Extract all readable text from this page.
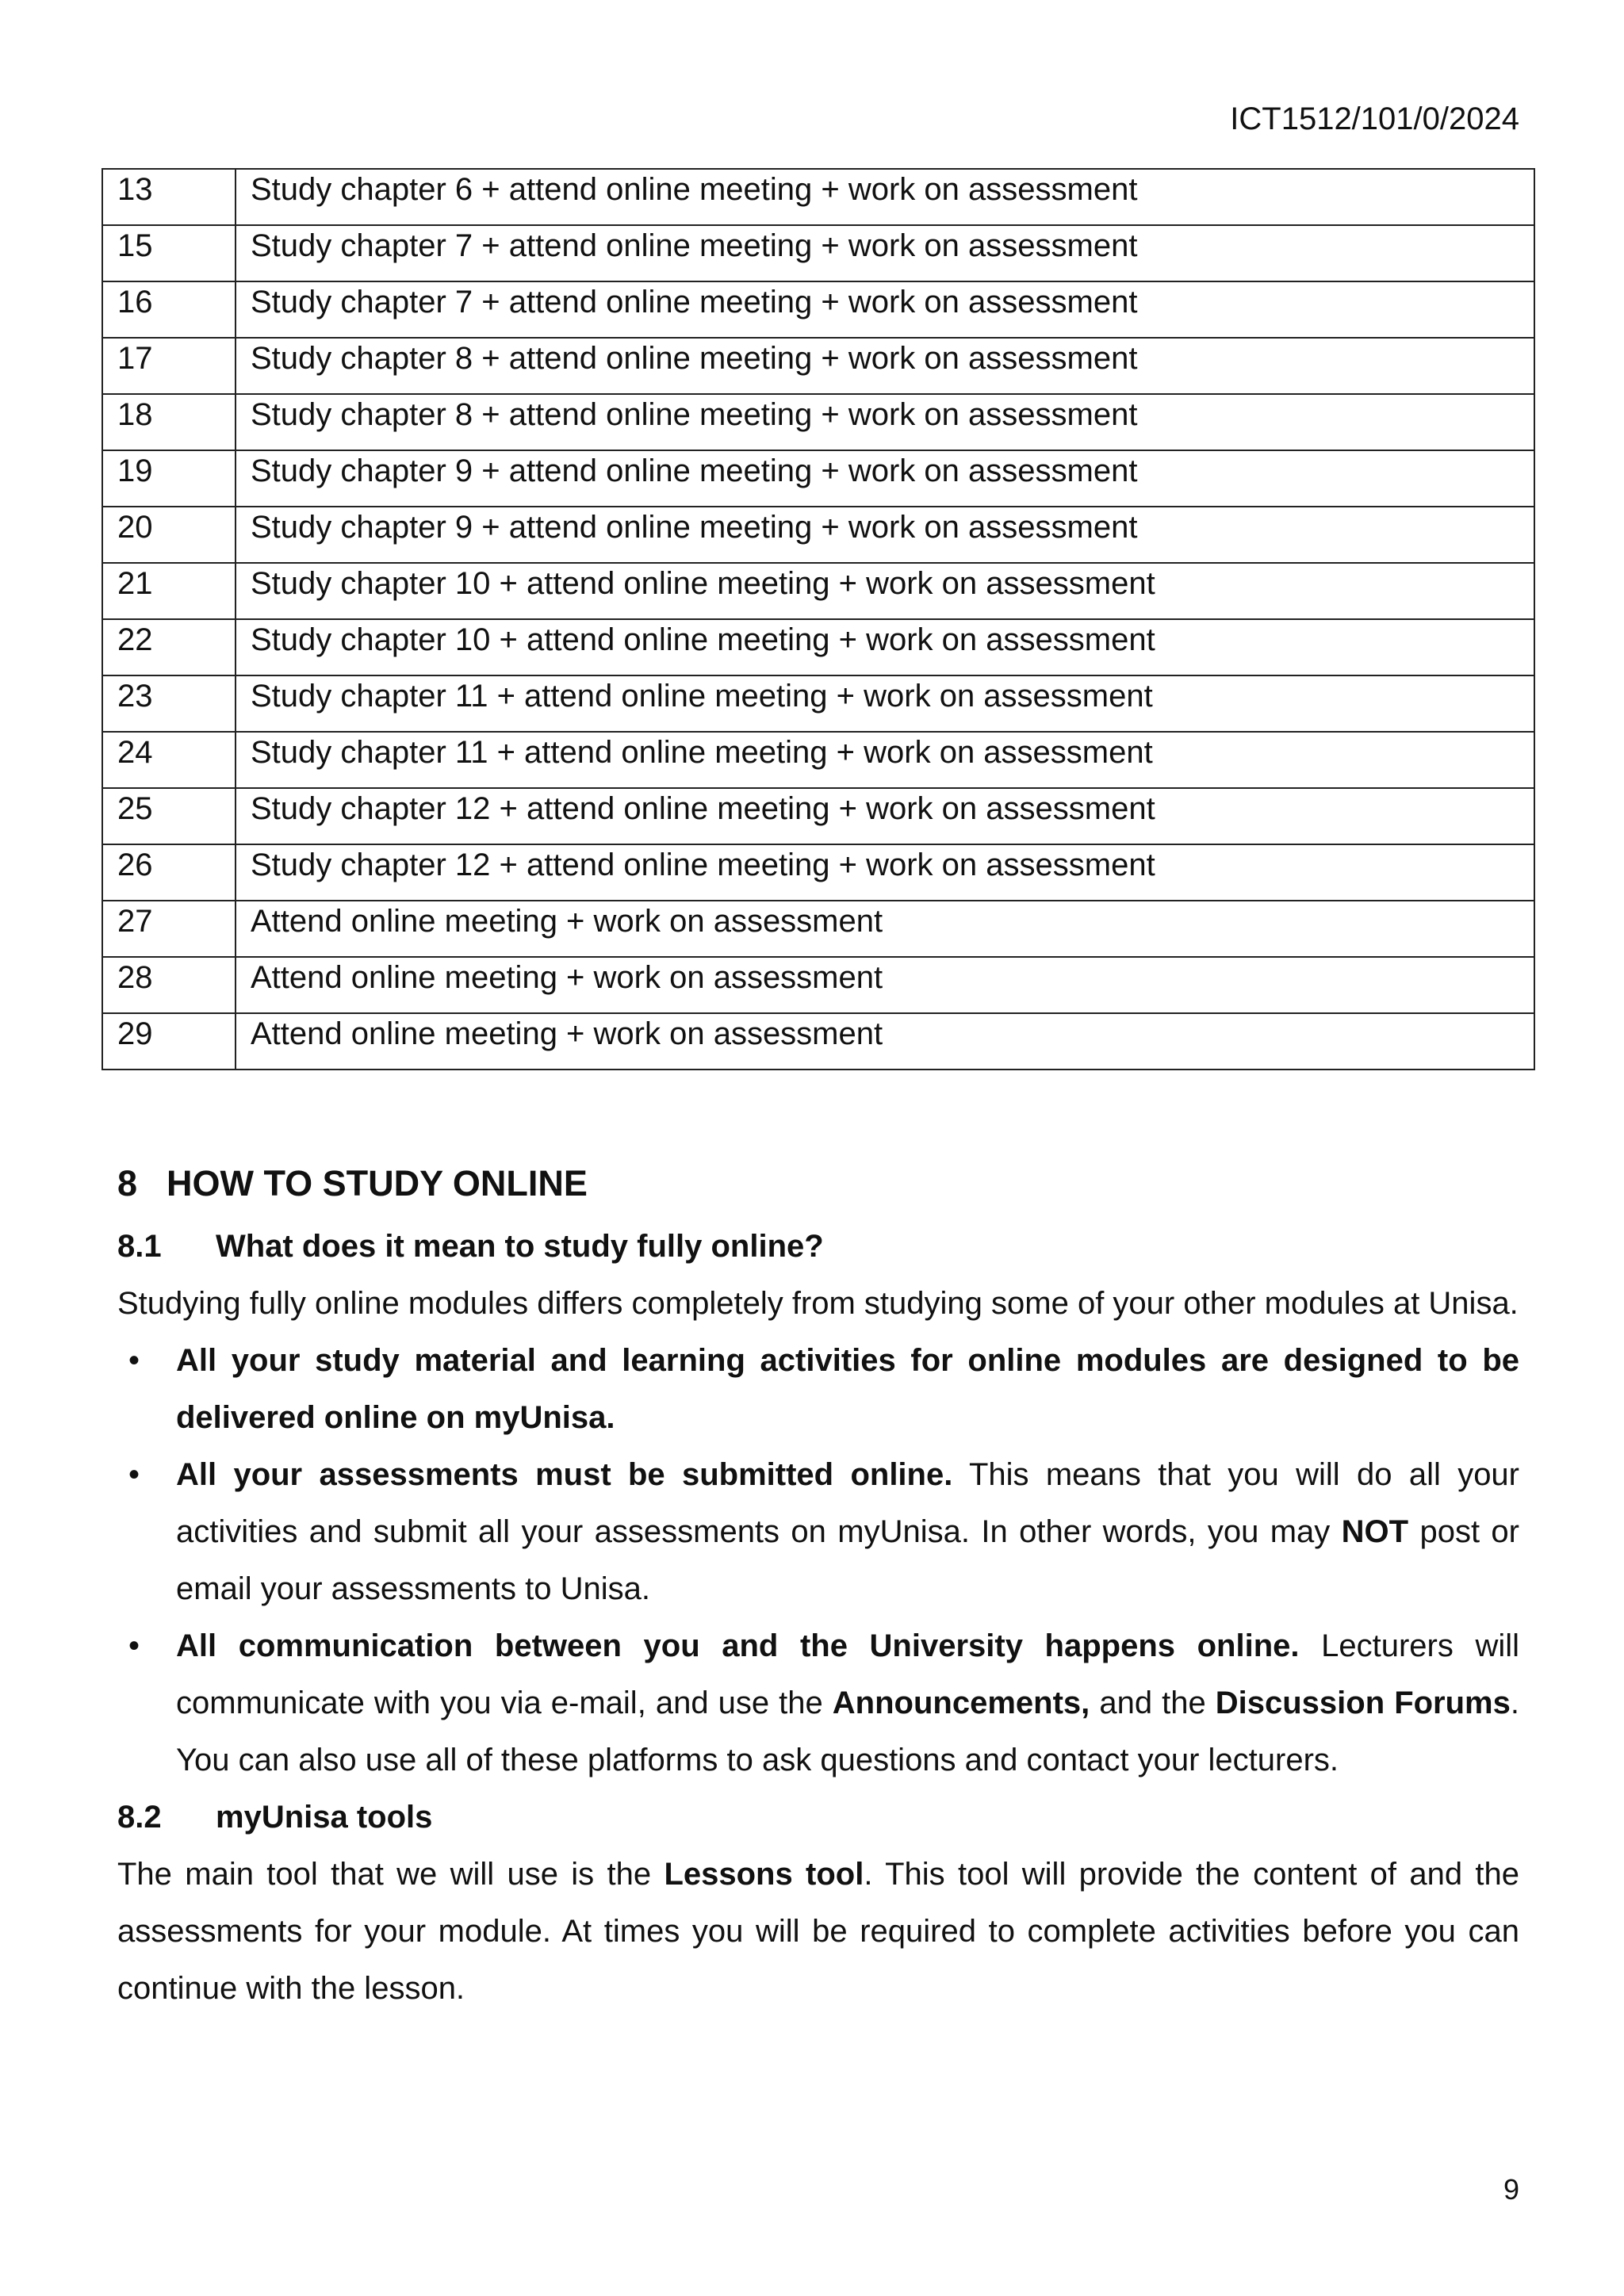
ICT1512/101/0/2024
13	Study chapter 6 + attend online meeting + work on assessment
15	Study chapter 7 + attend online meeting + work on assessment
16	Study chapter 7 + attend online meeting + work on assessment
17	Study chapter 8 + attend online meeting + work on assessment
18	Study chapter 8 + attend online meeting + work on assessment
19	Study chapter 9 + attend online meeting + work on assessment
20	Study chapter 9 + attend online meeting + work on assessment
21	Study chapter 10 + attend online meeting + work on assessment
22	Study chapter 10 + attend online meeting + work on assessment
23	Study chapter 11 + attend online meeting + work on assessment
24	Study chapter 11 + attend online meeting + work on assessment
25	Study chapter 12 + attend online meeting + work on assessment
26	Study chapter 12 + attend online meeting + work on assessment
27	Attend online meeting + work on assessment
28	Attend online meeting + work on assessment
29	Attend online meeting + work on assessment
8 HOW TO STUDY ONLINE
8.1 What does it mean to study fully online?

Studying fully online modules differs completely from studying some of your other modules at Unisa.

• All your study material and learning activities for online modules are designed to be delivered online on myUnisa.
• All your assessments must be submitted online. This means that you will do all your activities and submit all your assessments on myUnisa. In other words, you may NOT post or email your assessments to Unisa.
• All communication between you and the University happens online. Lecturers will communicate with you via e-mail, and use the Announcements, and the Discussion Forums. You can also use all of these platforms to ask questions and contact your lecturers.
8.2 myUnisa tools

The main tool that we will use is the Lessons tool. This tool will provide the content of and the assessments for your module. At times you will be required to complete activities before you can continue with the lesson.

9
